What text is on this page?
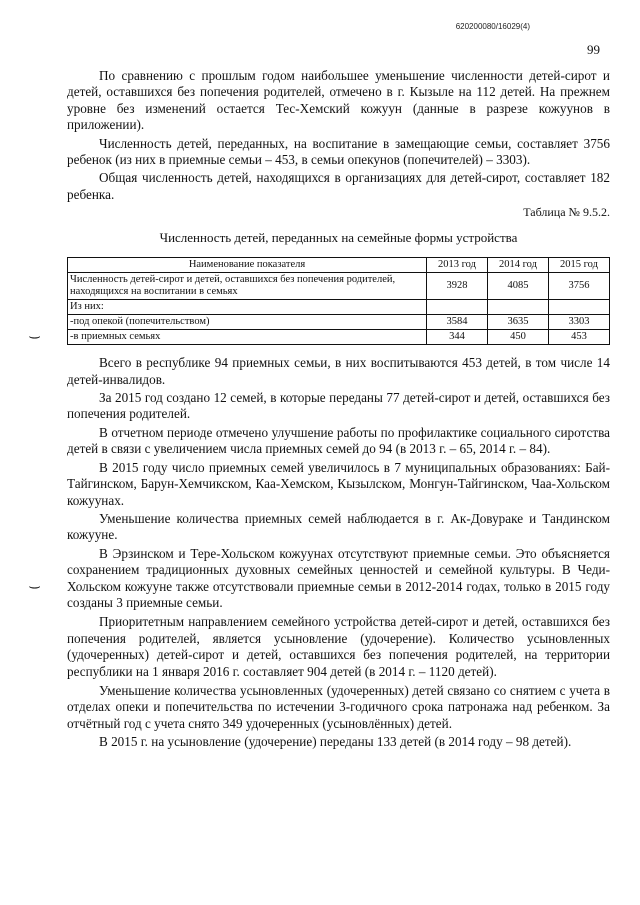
620200080/16029(4)
99
⌣
⌣

По сравнению с прошлым годом наибольшее уменьшение численности детей-сирот и детей, оставшихся без попечения родителей, отмечено в г. Кызыле на 112 детей. На прежнем уровне без изменений остается Тес-Хемский кожуун (данные в разрезе кожуунов в приложении).

Численность детей, переданных, на воспитание в замещающие семьи, составляет 3756 ребенок (из них в приемные семьи – 453, в семьи опекунов (попечителей) – 3303).

Общая численность детей, находящихся в организациях для детей-сирот, составляет 182 ребенка.

Таблица № 9.5.2.
Численность детей, переданных на семейные формы устройства
Наименование показателя	2013 год	2014 год	2015 год
Численность детей-сирот и детей, оставшихся без попечения родителей, находящихся на воспитании в семьях	3928	4085	3756
Из них:			
-под опекой (попечительством)	3584	3635	3303
-в приемных семьях	344	450	453

Всего в республике 94 приемных семьи, в них воспитываются 453 детей, в том числе 14 детей-инвалидов.

За 2015 год создано 12 семей, в которые переданы 77 детей-сирот и детей, оставшихся без попечения родителей.

В отчетном периоде отмечено улучшение работы по профилактике социального сиротства детей в связи с увеличением числа приемных семей до 94 (в 2013 г. – 65, 2014 г. – 84).

В 2015 году число приемных семей увеличилось в 7 муниципальных образованиях: Бай-Тайгинском, Барун-Хемчикском, Каа-Хемском, Кызылском, Монгун-Тайгинском, Чаа-Хольском кожуунах.

Уменьшение количества приемных семей наблюдается в г. Ак-Довураке и Тандинском кожууне.

В Эрзинском и Тере-Хольском кожуунах отсутствуют приемные семьи. Это объясняется сохранением традиционных духовных семейных ценностей и семейной культуры. В Чеди-Хольском кожууне также отсутствовали приемные семьи в 2012-2014 годах, только в 2015 году созданы 3 приемные семьи.

Приоритетным направлением семейного устройства детей-сирот и детей, оставшихся без попечения родителей, является усыновление (удочерение). Количество усыновленных (удочеренных) детей-сирот и детей, оставшихся без попечения родителей, на территории республики на 1 января 2016 г. составляет 904 детей (в 2014 г. – 1120 детей).

Уменьшение количества усыновленных (удочеренных) детей связано со снятием с учета в отделах опеки и попечительства по истечении 3-годичного срока патронажа над ребенком. За отчётный год с учета снято 349 удочеренных (усыновлённых) детей.

В 2015 г. на усыновление (удочерение) переданы 133 детей (в 2014 году – 98 детей).
